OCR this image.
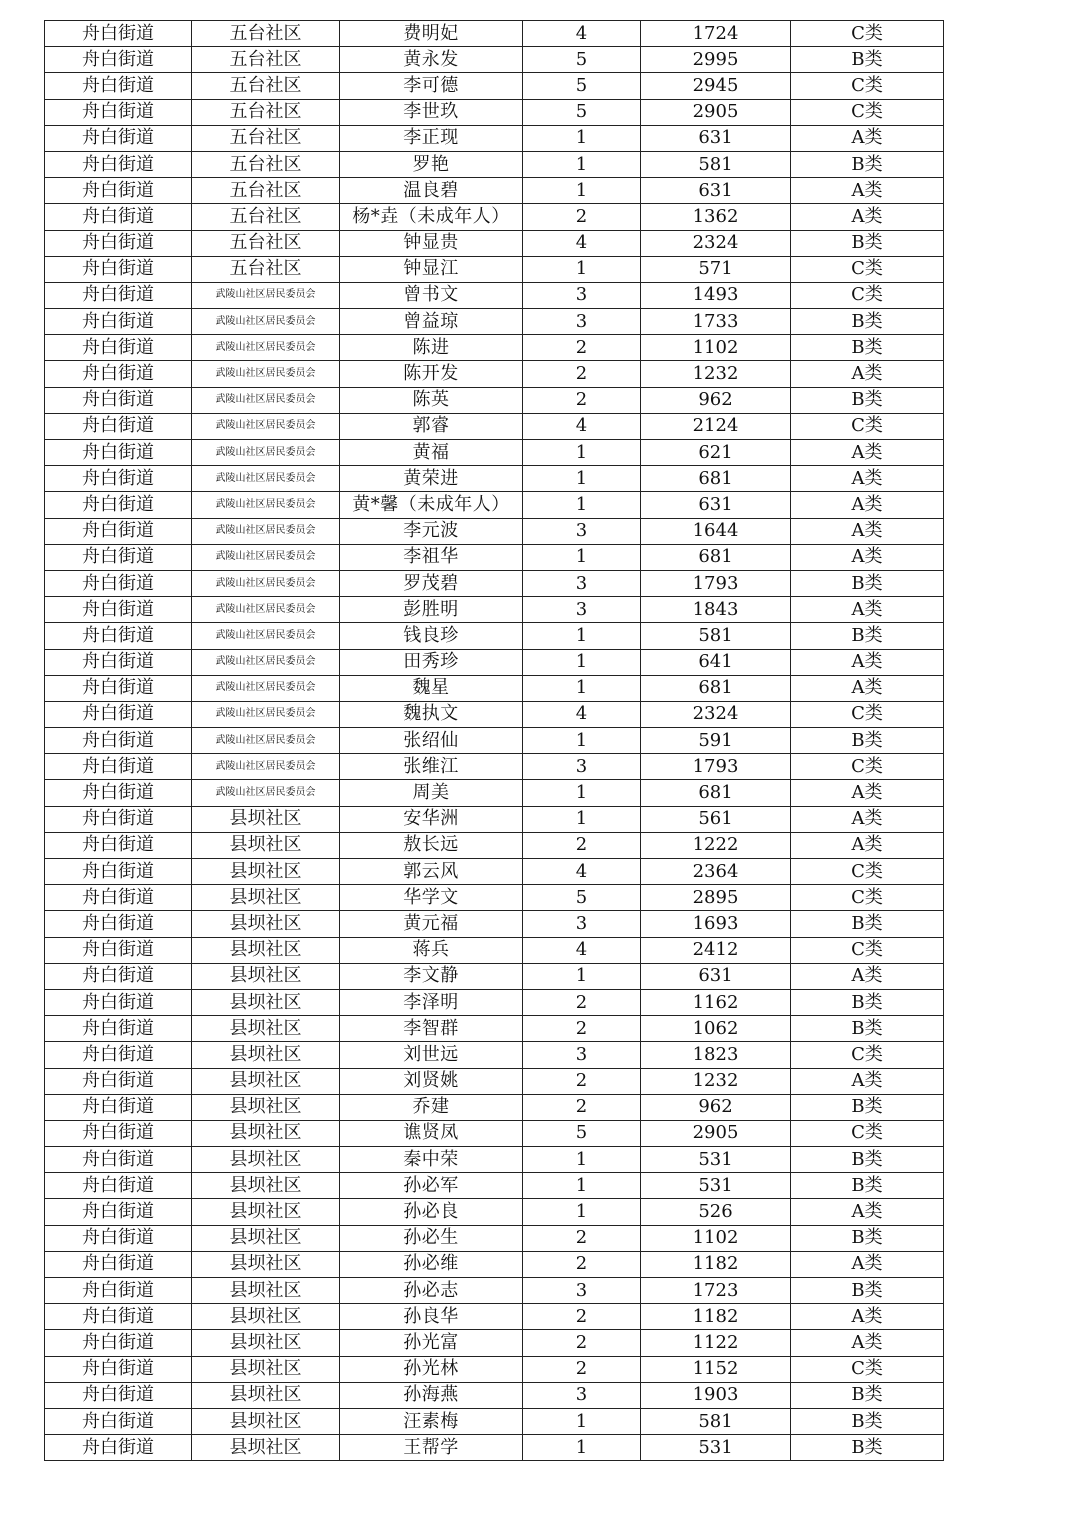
舟白街道	五台社区	费明妃	4	1724	C类
舟白街道	五台社区	黄永发	5	2995	B类
舟白街道	五台社区	李可德	5	2945	C类
舟白街道	五台社区	李世玖	5	2905	C类
舟白街道	五台社区	李正现	1	631	A类
舟白街道	五台社区	罗艳	1	581	B类
舟白街道	五台社区	温良碧	1	631	A类
舟白街道	五台社区	杨*垚（未成年人）	2	1362	A类
舟白街道	五台社区	钟显贵	4	2324	B类
舟白街道	五台社区	钟显江	1	571	C类
舟白街道	武陵山社区居民委员会	曾书文	3	1493	C类
舟白街道	武陵山社区居民委员会	曾益琼	3	1733	B类
舟白街道	武陵山社区居民委员会	陈进	2	1102	B类
舟白街道	武陵山社区居民委员会	陈开发	2	1232	A类
舟白街道	武陵山社区居民委员会	陈英	2	962	B类
舟白街道	武陵山社区居民委员会	郭睿	4	2124	C类
舟白街道	武陵山社区居民委员会	黄福	1	621	A类
舟白街道	武陵山社区居民委员会	黄荣进	1	681	A类
舟白街道	武陵山社区居民委员会	黄*馨（未成年人）	1	631	A类
舟白街道	武陵山社区居民委员会	李元波	3	1644	A类
舟白街道	武陵山社区居民委员会	李祖华	1	681	A类
舟白街道	武陵山社区居民委员会	罗茂碧	3	1793	B类
舟白街道	武陵山社区居民委员会	彭胜明	3	1843	A类
舟白街道	武陵山社区居民委员会	钱良珍	1	581	B类
舟白街道	武陵山社区居民委员会	田秀珍	1	641	A类
舟白街道	武陵山社区居民委员会	魏星	1	681	A类
舟白街道	武陵山社区居民委员会	魏执文	4	2324	C类
舟白街道	武陵山社区居民委员会	张绍仙	1	591	B类
舟白街道	武陵山社区居民委员会	张维江	3	1793	C类
舟白街道	武陵山社区居民委员会	周美	1	681	A类
舟白街道	县坝社区	安华洲	1	561	A类
舟白街道	县坝社区	敖长远	2	1222	A类
舟白街道	县坝社区	郭云风	4	2364	C类
舟白街道	县坝社区	华学文	5	2895	C类
舟白街道	县坝社区	黄元福	3	1693	B类
舟白街道	县坝社区	蒋兵	4	2412	C类
舟白街道	县坝社区	李文静	1	631	A类
舟白街道	县坝社区	李泽明	2	1162	B类
舟白街道	县坝社区	李智群	2	1062	B类
舟白街道	县坝社区	刘世远	3	1823	C类
舟白街道	县坝社区	刘贤姚	2	1232	A类
舟白街道	县坝社区	乔建	2	962	B类
舟白街道	县坝社区	谯贤凤	5	2905	C类
舟白街道	县坝社区	秦中荣	1	531	B类
舟白街道	县坝社区	孙必军	1	531	B类
舟白街道	县坝社区	孙必良	1	526	A类
舟白街道	县坝社区	孙必生	2	1102	B类
舟白街道	县坝社区	孙必维	2	1182	A类
舟白街道	县坝社区	孙必志	3	1723	B类
舟白街道	县坝社区	孙良华	2	1182	A类
舟白街道	县坝社区	孙光富	2	1122	A类
舟白街道	县坝社区	孙光林	2	1152	C类
舟白街道	县坝社区	孙海燕	3	1903	B类
舟白街道	县坝社区	汪素梅	1	581	B类
舟白街道	县坝社区	王帮学	1	531	B类
